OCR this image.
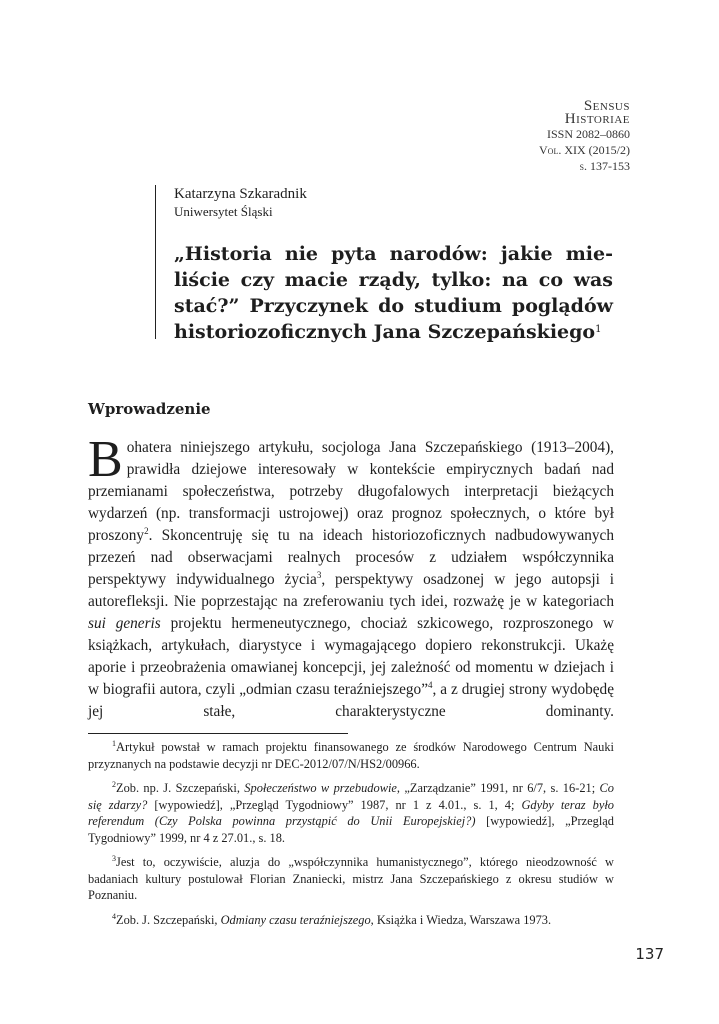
Sensus
Historiae
ISSN 2082–0860
Vol. XIX (2015/2)
s. 137-153
Katarzyna Szkaradnik
Uniwersytet Śląski
„Historia nie pyta narodów: jakie mieliście czy macie rządy, tylko: na co was stać?” Przyczynek do studium poglądów historiozoficznych Jana Szczepańskiego$^1$
Wprowadzenie

Bohatera niniejszego artykułu, socjologa Jana Szczepańskiego (1913–2004), prawidła dziejowe interesowały w kontekście empirycznych badań nad przemianami społeczeństwa, potrzeby długofalowych interpretacji bieżących wydarzeń (np. transformacji ustrojowej) oraz prognoz społecznych, o które był proszony$^2$. Skoncentruję się tu na ideach historiozoficznych nadbudowywanych przezeń nad obserwacjami realnych procesów z udziałem współczynnika perspektywy indywidualnego życia$^3$, perspektywy osadzonej w jego autopsji i autorefleksji. Nie poprzestając na zreferowaniu tych idei, rozważę je w kategoriach sui generis projektu hermeneutycznego, chociaż szkicowego, rozproszonego w książkach, artykułach, diarystyce i wymagającego dopiero rekonstrukcji. Ukażę aporie i przeobrażenia omawianej koncepcji, jej zależność od momentu w dziejach i w biografii autora, czyli „odmian czasu teraźniejszego”$^4$, a z drugiej strony wydobędę jej stałe, charakterystyczne dominanty.

$^1$Artykuł powstał w ramach projektu finansowanego ze środków Narodowego Centrum Nauki przyznanych na podstawie decyzji nr DEC-2012/07/N/HS2/00966.

$^2$Zob. np. J. Szczepański, Społeczeństwo w przebudowie, „Zarządzanie” 1991, nr 6/7, s. 16-21; Co się zdarzy? [wypowiedź], „Przegląd Tygodniowy” 1987, nr 1 z 4.01., s. 1, 4; Gdyby teraz było referendum (Czy Polska powinna przystąpić do Unii Europejskiej?) [wypowiedź], „Przegląd Tygodniowy” 1999, nr 4 z 27.01., s. 18.

$^3$Jest to, oczywiście, aluzja do „współczynnika humanistycznego”, którego nieodzowność w badaniach kultury postulował Florian Znaniecki, mistrz Jana Szczepańskiego z okresu studiów w Poznaniu.

$^4$Zob. J. Szczepański, Odmiany czasu teraźniejszego, Książka i Wiedza, Warszawa 1973.

137
